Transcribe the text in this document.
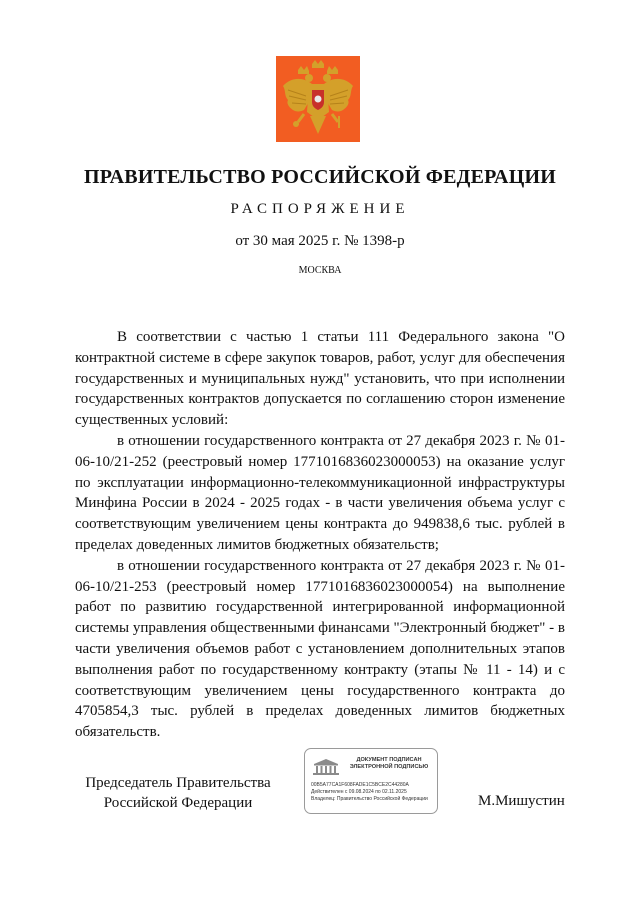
ПРАВИТЕЛЬСТВО РОССИЙСКОЙ ФЕДЕРАЦИИ
РАСПОРЯЖЕНИЕ
от 30 мая 2025 г. № 1398-р
МОСКВА

В соответствии с частью 1 статьи 111 Федерального закона "О контрактной системе в сфере закупок товаров, работ, услуг для обеспечения государственных и муниципальных нужд" установить, что при исполнении государственных контрактов допускается по соглашению сторон изменение существенных условий:

в отношении государственного контракта от 27 декабря 2023 г. № 01-06-10/21-252 (реестровый номер 1771016836023000053) на оказание услуг по эксплуатации информационно-телекоммуникационной инфраструктуры Минфина России в 2024 - 2025 годах - в части увеличения объема услуг с соответствующим увеличением цены контракта до 949838,6 тыс. рублей в пределах доведенных лимитов бюджетных обязательств;

в отношении государственного контракта от 27 декабря 2023 г. № 01-06-10/21-253 (реестровый номер 1771016836023000054) на выполнение работ по развитию государственной интегрированной информационной системы управления общественными финансами "Электронный бюджет" - в части увеличения объемов работ с установлением дополнительных этапов выполнения работ по государственному контракту (этапы № 11 - 14) и с соответствующим увеличением цены государственного контракта до 4705854,3 тыс. рублей в пределах доведенных лимитов бюджетных обязательств.

Председатель Правительства
Российской Федерации
ДОКУМЕНТ ПОДПИСАН ЭЛЕКТРОННОЙ ПОДПИСЬЮ
00B5A77CA1F608FADE1C5BCE2C44280A
Действителен с 09.08.2024 по 02.11.2025
Владелец: Правительство Российской Федерации	М.Мишустин
